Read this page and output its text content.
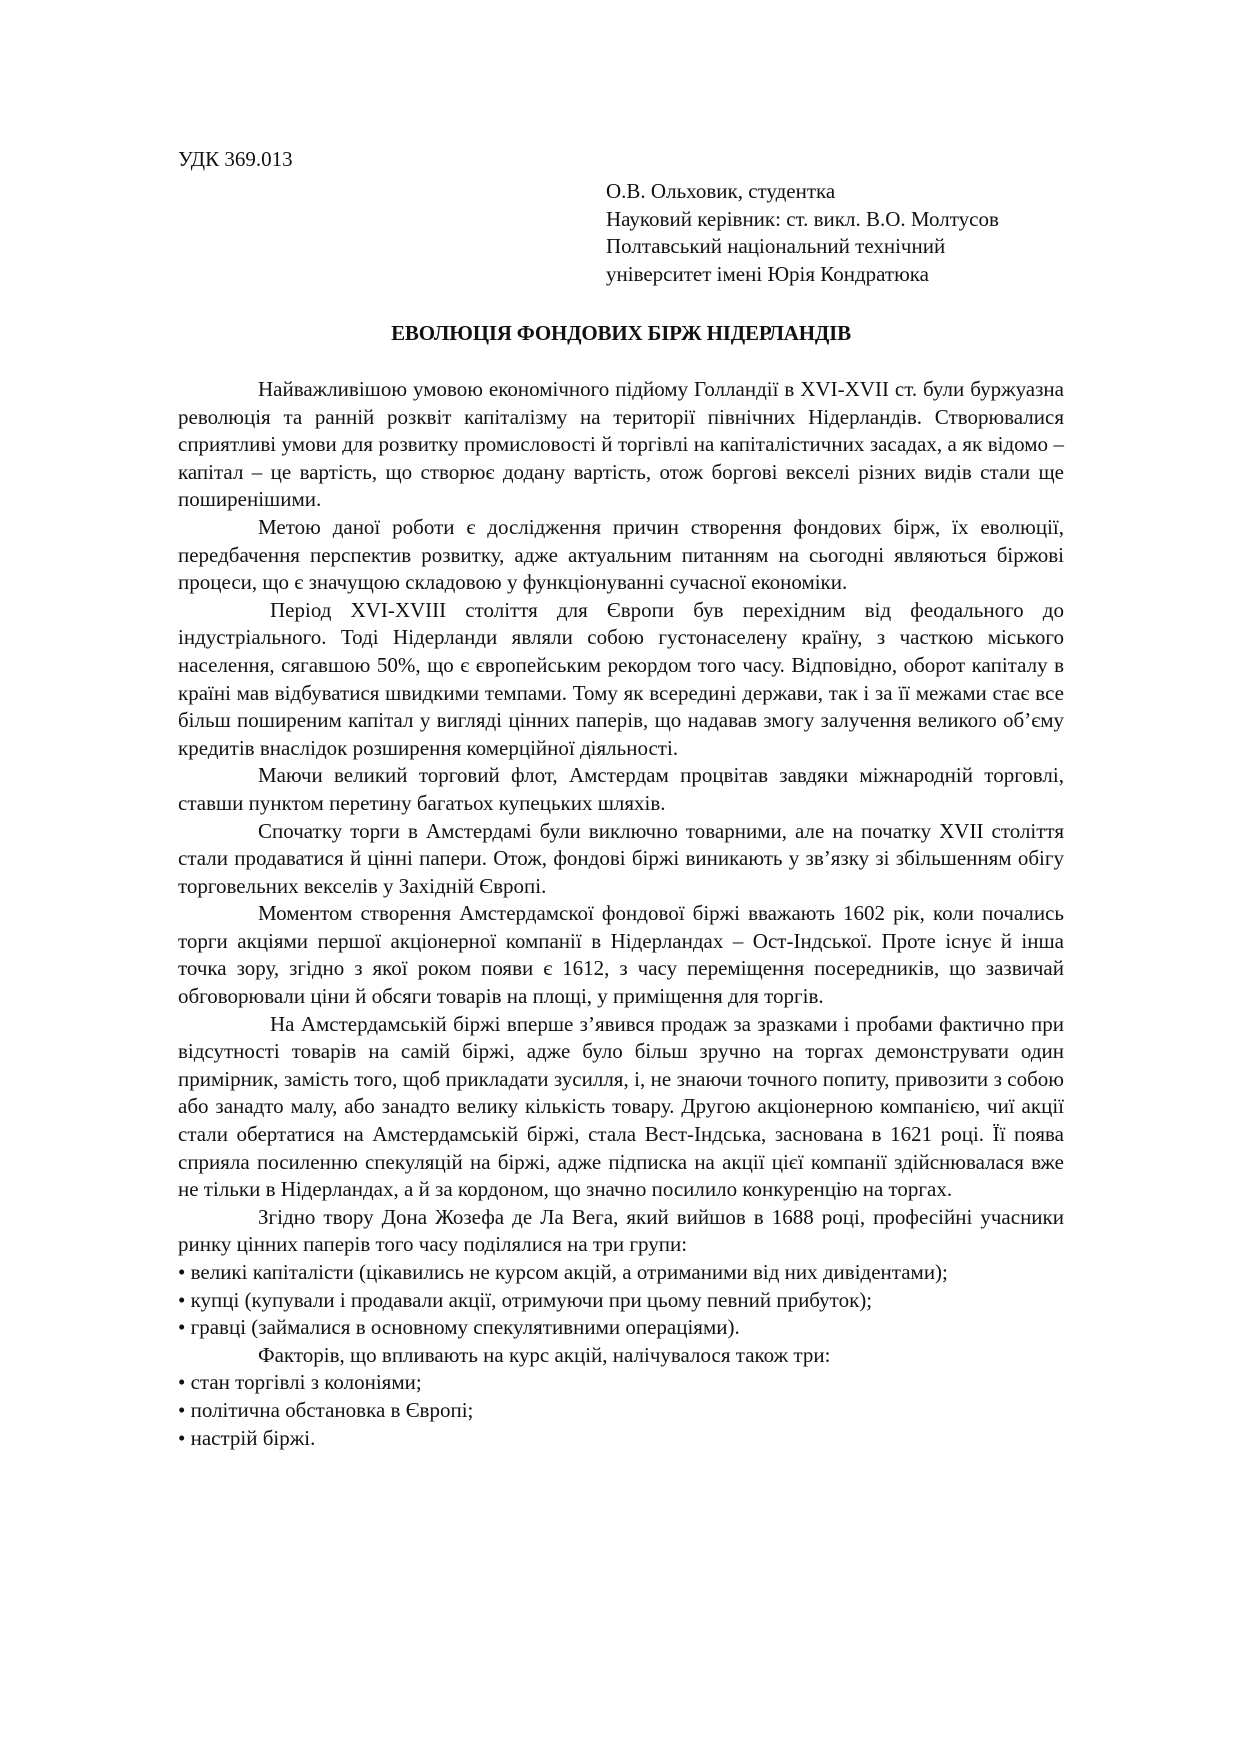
УДК 369.013
О.В. Ольховик, студентка
Науковий керівник: ст. викл. В.О. Молтусов
Полтавський національний технічний
університет імені Юрія Кондратюка
ЕВОЛЮЦІЯ ФОНДОВИХ БІРЖ НІДЕРЛАНДІВ

Найважливішою умовою економічного підйому Голландії в XVI-XVII ст. були буржуазна революція та ранній розквіт капіталізму на території північних Нідерландів. Створювалися сприятливі умови для розвитку промисловості й торгівлі на капіталістичних засадах, а як відомо – капітал – це вартість, що створює додану вартість, отож боргові векселі різних видів стали ще поширенішими.

Метою даної роботи є дослідження причин створення фондових бірж, їх еволюції, передбачення перспектив розвитку, адже актуальним питанням на сьогодні являються біржові процеси, що є значущою складовою у функціонуванні сучасної економіки.

Період XVI-XVIII століття для Європи був перехідним від феодального до індустріального. Тоді Нідерланди являли собою густонаселену країну, з часткою міського населення, сягавшою 50%, що є європейським рекордом того часу. Відповідно, оборот капіталу в країні мав відбуватися швидкими темпами. Тому як всередині держави, так і за її межами стає все більш поширеним капітал у вигляді цінних паперів, що надавав змогу залучення великого об’єму кредитів внаслідок розширення комерційної діяльності.

Маючи великий торговий флот, Амстердам процвітав завдяки міжнародній торговлі, ставши пунктом перетину багатьох купецьких шляхів.

Спочатку торги в Амстердамі були виключно товарними, але на початку XVII століття стали продаватися й цінні папери. Отож, фондові біржі виникають у зв’язку зі збільшенням обігу торговельних векселів у Західній Європі.

Моментом створення Амстердамскої фондової біржі вважають 1602 рік, коли почались торги акціями першої акціонерної компанії в Нідерландах – Ост-Індської. Проте існує й інша точка зору, згідно з якої роком появи є 1612, з часу переміщення посередників, що зазвичай обговорювали ціни й обсяги товарів на площі, у приміщення для торгів.

На Амстердамській біржі вперше з’явився продаж за зразками і пробами фактично при відсутності товарів на самій біржі, адже було більш зручно на торгах демонструвати один примірник, замість того, щоб прикладати зусилля, і, не знаючи точного попиту, привозити з собою або занадто малу, або занадто велику кількість товару. Другою акціонерною компанією, чиї акції стали обертатися на Амстердамській біржі, стала Вест-Індська, заснована в 1621 році. Її поява сприяла посиленню спекуляцій на біржі, адже підписка на акції цієї компанії здійснювалася вже не тільки в Нідерландах, а й за кордоном, що значно посилило конкуренцію на торгах.

Згідно твору Дона Жозефа де Ла Вега, який вийшов в 1688 році, професійні учасники ринку цінних паперів того часу поділялися на три групи:

• великі капіталісти (цікавились не курсом акцій, а отриманими від них дивідентами);

• купці (купували і продавали акції, отримуючи при цьому певний прибуток);

• гравці (займалися в основному спекулятивними операціями).

Факторів, що впливають на курс акцій, налічувалося також три:

• стан торгівлі з колоніями;

• політична обстановка в Європі;

• настрій біржі.
